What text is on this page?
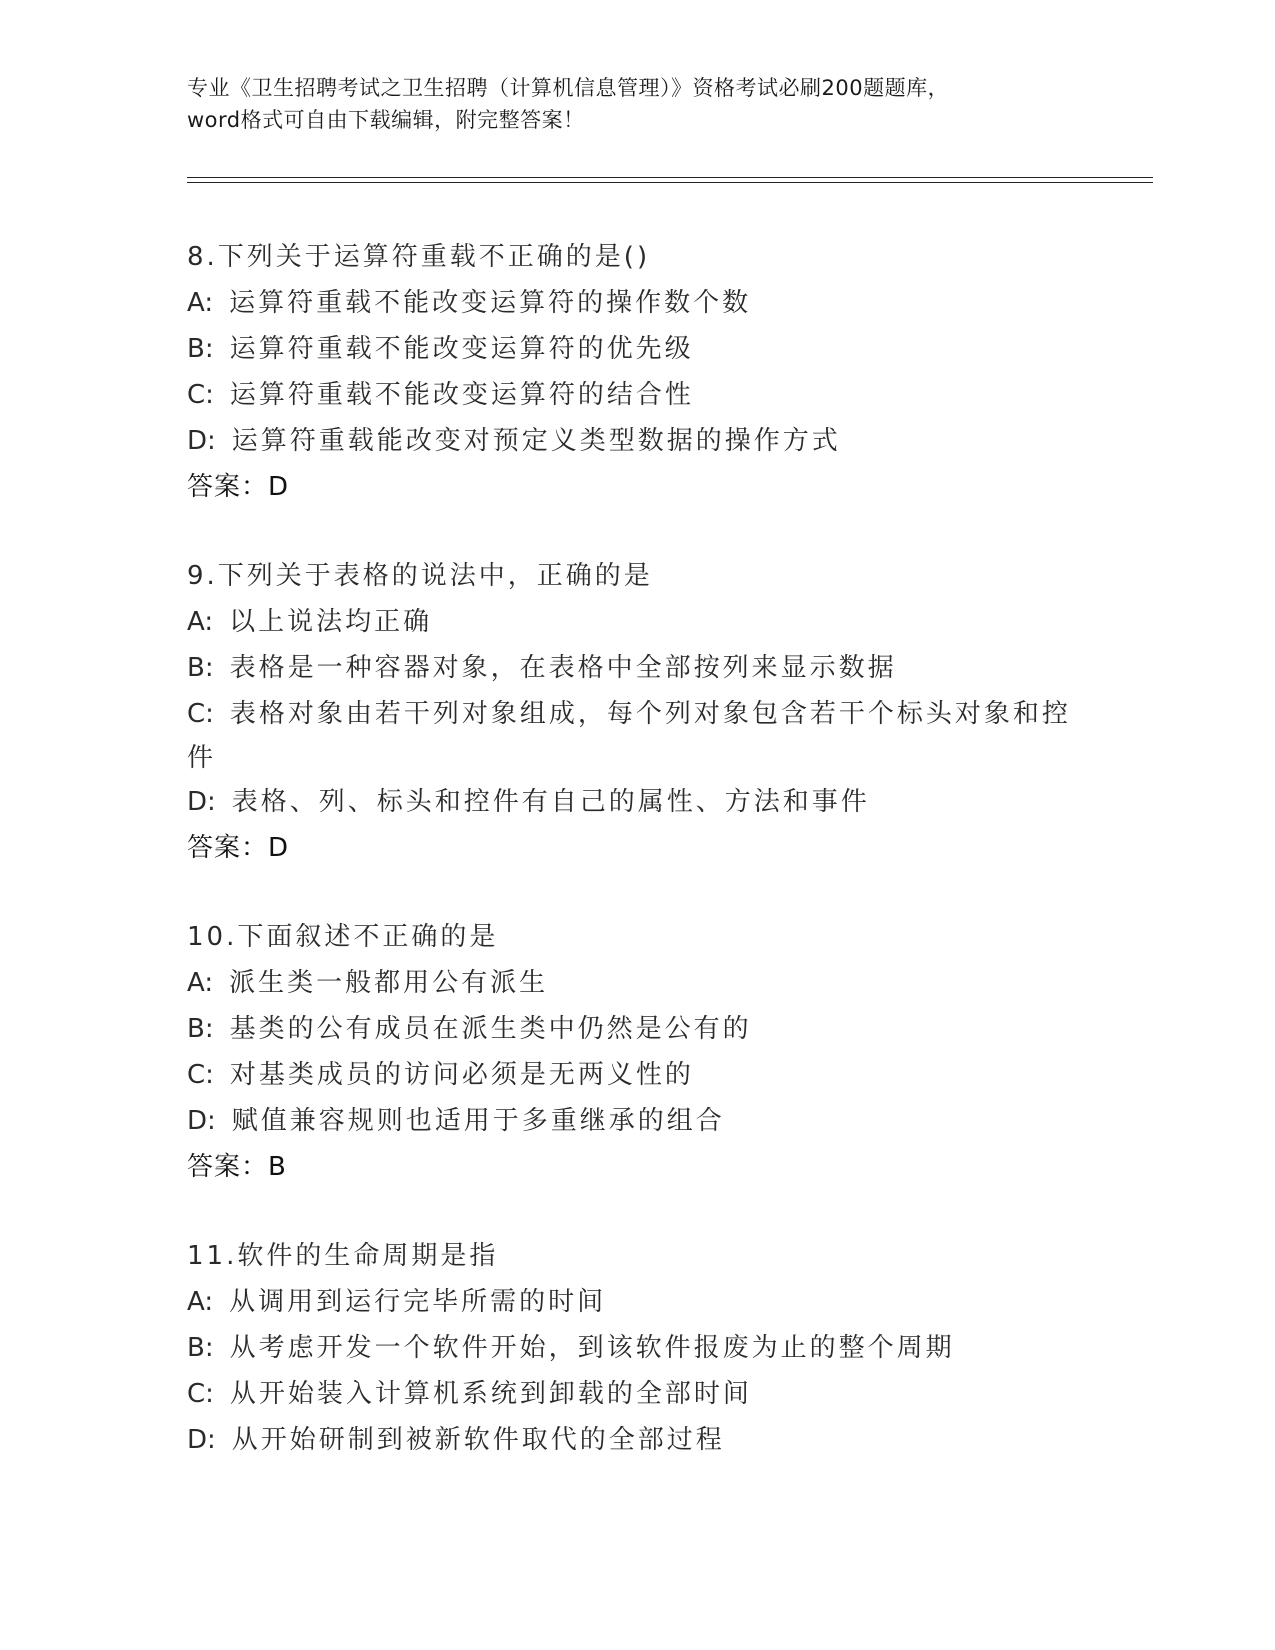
专业《卫生招聘考试之卫生招聘（计算机信息管理）》资格考试必刷200题题库，
word格式可自由下载编辑，附完整答案！
8.下列关于运算符重载不正确的是()
A: 运算符重载不能改变运算符的操作数个数
B: 运算符重载不能改变运算符的优先级
C: 运算符重载不能改变运算符的结合性
D: 运算符重载能改变对预定义类型数据的操作方式
答案：D
9.下列关于表格的说法中，正确的是
A: 以上说法均正确
B: 表格是一种容器对象，在表格中全部按列来显示数据
C: 表格对象由若干列对象组成，每个列对象包含若干个标头对象和控
件
D: 表格、列、标头和控件有自己的属性、方法和事件
答案：D
10.下面叙述不正确的是
A: 派生类一般都用公有派生
B: 基类的公有成员在派生类中仍然是公有的
C: 对基类成员的访问必须是无两义性的
D: 赋值兼容规则也适用于多重继承的组合
答案：B
11.软件的生命周期是指
A: 从调用到运行完毕所需的时间
B: 从考虑开发一个软件开始，到该软件报废为止的整个周期
C: 从开始装入计算机系统到卸载的全部时间
D: 从开始研制到被新软件取代的全部过程
